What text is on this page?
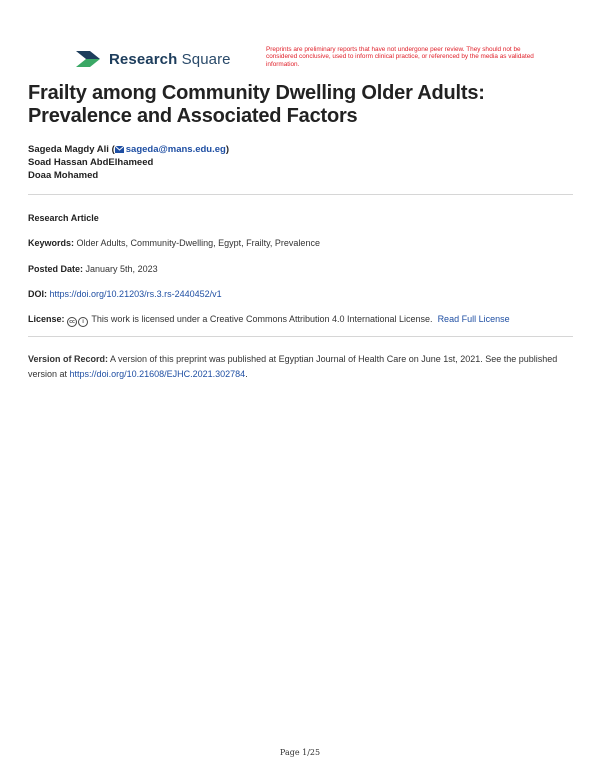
Research Square
Preprints are preliminary reports that have not undergone peer review. They should not be considered conclusive, used to inform clinical practice, or referenced by the media as validated information.
Frailty among Community Dwelling Older Adults: Prevalence and Associated Factors
Sageda Magdy Ali ( sageda@mans.edu.eg)
Soad Hassan AbdElhameed
Doaa Mohamed
Research Article
Keywords: Older Adults, Community-Dwelling, Egypt, Frailty, Prevalence
Posted Date: January 5th, 2023
DOI: https://doi.org/10.21203/rs.3.rs-2440452/v1
License: cc i This work is licensed under a Creative Commons Attribution 4.0 International License. Read Full License
Version of Record: A version of this preprint was published at Egyptian Journal of Health Care on June 1st, 2021. See the published version at https://doi.org/10.21608/EJHC.2021.302784.
Page 1/25
